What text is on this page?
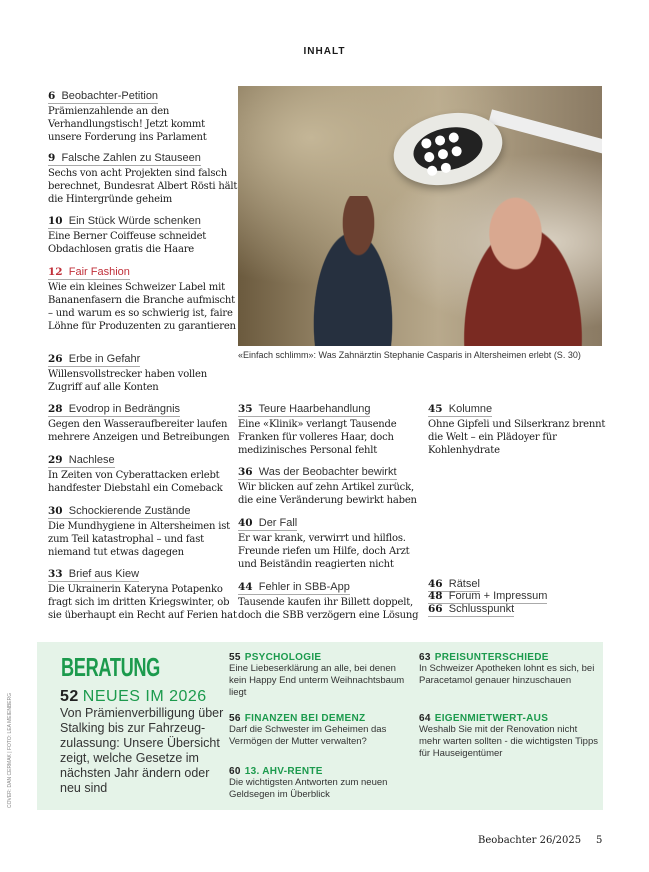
INHALT
6 Beobachter-Petition
Prämienzahlende an den Verhandlungstisch! Jetzt kommt unsere Forderung ins Parlament
9 Falsche Zahlen zu Stauseen
Sechs von acht Projekten sind falsch berechnet, Bundesrat Albert Rösti hält die Hintergründe geheim
10 Ein Stück Würde schenken
Eine Berner Coiffeuse schneidet Obdachlosen gratis die Haare
12 Fair Fashion
Wie ein kleines Schweizer Label mit Bananenfasern die Branche aufmischt – und warum es so schwierig ist, faire Löhne für Produzenten zu garantieren
26 Erbe in Gefahr
Willensvollstrecker haben vollen Zugriff auf alle Konten
28 Evodrop in Bedrängnis
Gegen den Wasseraufbereiter laufen mehrere Anzeigen und Betreibungen
29 Nachlese
In Zeiten von Cyberattacken erlebt handfester Diebstahl ein Comeback
30 Schockierende Zustände
Die Mundhygiene in Altersheimen ist zum Teil katastrophal – und fast niemand tut etwas dagegen
33 Brief aus Kiew
Die Ukrainerin Kateryna Potapenko fragt sich im dritten Kriegswinter, ob sie überhaupt ein Recht auf Ferien hat
35 Teure Haarbehandlung
Eine «Klinik» verlangt Tausende Franken für volleres Haar, doch medizinisches Personal fehlt
36 Was der Beobachter bewirkt
Wir blicken auf zehn Artikel zurück, die eine Veränderung bewirkt haben
40 Der Fall
Er war krank, verwirrt und hilflos. Freunde riefen um Hilfe, doch Arzt und Beiständin reagierten nicht
44 Fehler in SBB-App
Tausende kaufen ihr Billett doppelt, doch die SBB verzögern eine Lösung
45 Kolumne
Ohne Gipfeli und Silserkranz brennt die Welt – ein Plädoyer für Kohlenhydrate
46 Rätsel
48 Forum + Impressum
66 Schlusspunkt
«Einfach schlimm»: Was Zahnärztin Stephanie Casparis in Altersheimen erlebt (S. 30)
BERATUNG
52 NEUES IM 2026
Von Prämienverbilligung über Stalking bis zur Fahrzeug-zulassung: Unsere Übersicht zeigt, welche Gesetze im nächsten Jahr ändern oder neu sind
55 PSYCHOLOGIE
Eine Liebeserklärung an alle, bei denen kein Happy End unterm Weihnachtsbaum liegt
56 FINANZEN BEI DEMENZ
Darf die Schwester im Geheimen das Vermögen der Mutter verwalten?
60 13. AHV-RENTE
Die wichtigsten Antworten zum neuen Geldsegen im Überblick
63 PREISUNTERSCHIEDE
In Schweizer Apotheken lohnt es sich, bei Paracetamol genauer hinzuschauen
64 EIGENMIETWERT-AUS
Weshalb Sie mit der Renovation nicht mehr warten sollten - die wichtigsten Tipps für Hauseigentümer
COVER: DAN CERMAK | FOTO: LEA MEIENBERG
Beobachter 26/2025 5
